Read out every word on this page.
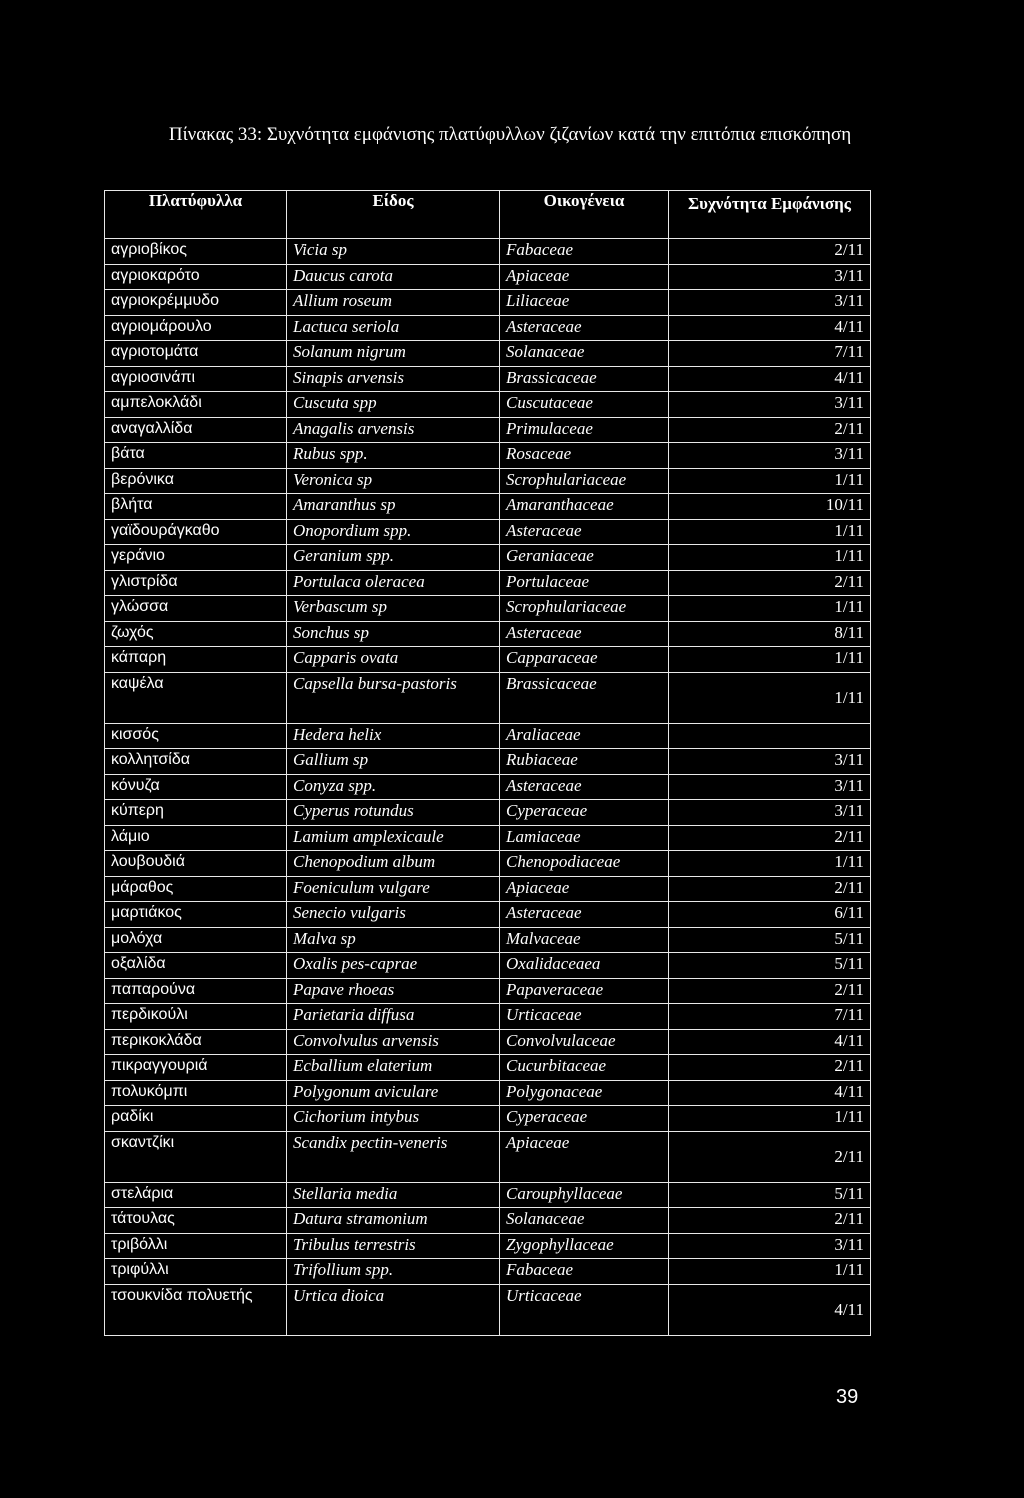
Πίνακας 33: Συχνότητα εμφάνισης πλατύφυλλων ζιζανίων κατά την επιτόπια επισκόπηση
Πλατύφυλλα	Είδος	Οικογένεια	Συχνότητα Εμφάνισης
αγριοβίκος	Vicia sp	Fabaceae	2/11
αγριοκαρότο	Daucus carota	Apiaceae	3/11
αγριοκρέμμυδο	Allium roseum	Liliaceae	3/11
αγριομάρουλο	Lactuca seriola	Asteraceae	4/11
αγριοτομάτα	Solanum nigrum	Solanaceae	7/11
αγριοσινάπι	Sinapis arvensis	Brassicaceae	4/11
αμπελοκλάδι	Cuscuta spp	Cuscutaceae	3/11
αναγαλλίδα	Anagalis arvensis	Primulaceae	2/11
βάτα	Rubus spp.	Rosaceae	3/11
βερόνικα	Veronica sp	Scrophulariaceae	1/11
βλήτα	Amaranthus sp	Amaranthaceae	10/11
γαϊδουράγκαθο	Onopordium spp.	Asteraceae	1/11
γεράνιο	Geranium spp.	Geraniaceae	1/11
γλιστρίδα	Portulaca oleracea	Portulaceae	2/11
γλώσσα	Verbascum sp	Scrophulariaceae	1/11
ζωχός	Sonchus sp	Asteraceae	8/11
κάπαρη	Capparis ovata	Capparaceae	1/11
καψέλα	Capsella bursa-pastoris	Brassicaceae	1/11
κισσός	Hedera helix	Araliaceae	
κολλητσίδα	Gallium sp	Rubiaceae	3/11
κόνυζα	Conyza spp.	Asteraceae	3/11
κύπερη	Cyperus rotundus	Cyperaceae	3/11
λάμιο	Lamium amplexicaule	Lamiaceae	2/11
λουβουδιά	Chenopodium album	Chenopodiaceae	1/11
μάραθος	Foeniculum vulgare	Apiaceae	2/11
μαρτιάκος	Senecio vulgaris	Asteraceae	6/11
μολόχα	Malva sp	Malvaceae	5/11
οξαλίδα	Oxalis pes-caprae	Oxalidaceaea	5/11
παπαρούνα	Papave rhoeas	Papaveraceae	2/11
περδικούλι	Parietaria diffusa	Urticaceae	7/11
περικοκλάδα	Convolvulus arvensis	Convolvulaceae	4/11
πικραγγουριά	Ecballium elaterium	Cucurbitaceae	2/11
πολυκόμπι	Polygonum aviculare	Polygonaceae	4/11
ραδίκι	Cichorium intybus	Cyperaceae	1/11
σκαντζίκι	Scandix pectin-veneris	Apiaceae	2/11
στελάρια	Stellaria media	Carouphyllaceae	5/11
τάτουλας	Datura stramonium	Solanaceae	2/11
τριβόλλι	Tribulus terrestris	Zygophyllaceae	3/11
τριφύλλι	Trifollium spp.	Fabaceae	1/11
τσουκνίδα πολυετής	Urtica dioica	Urticaceae	4/11
39
